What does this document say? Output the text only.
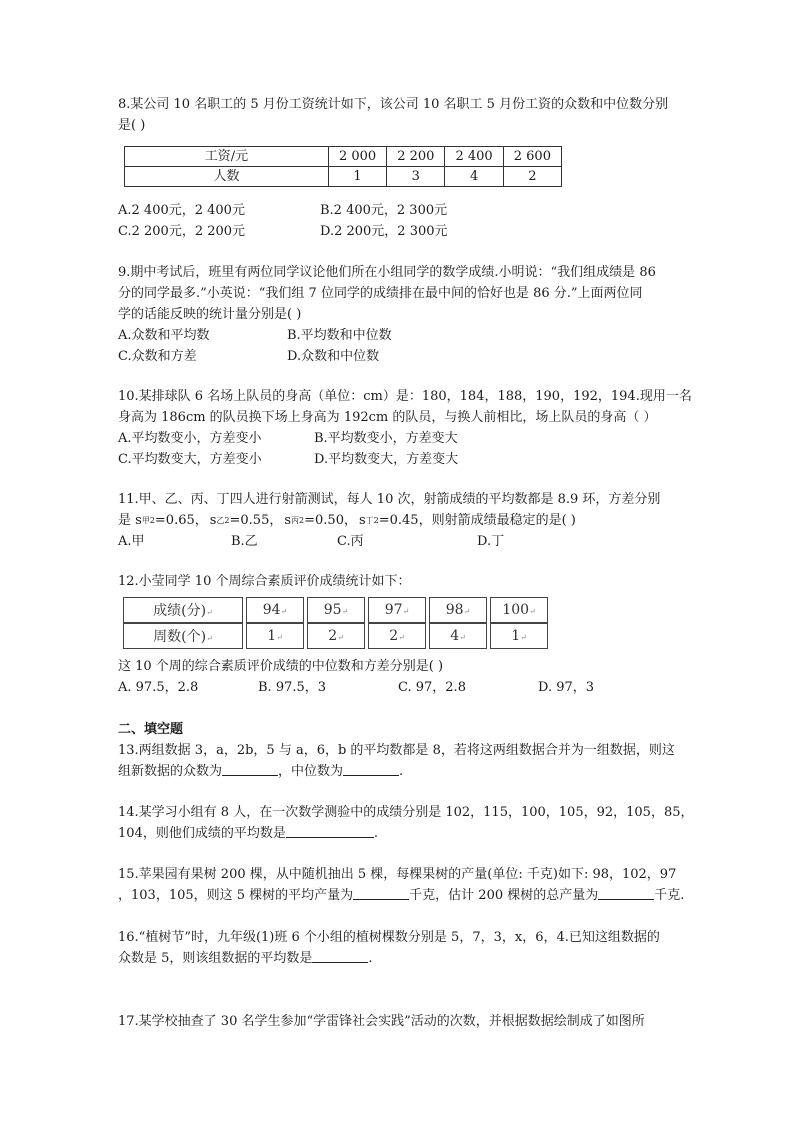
8.某公司 10 名职工的 5 月份工资统计如下，该公司 10 名职工 5 月份工资的众数和中位数分别
是( )
工资/元	2 000	2 200	2 400	2 600
人数	1	3	4	2
A.2 400元，2 400元	B.2 400元，2 300元
C.2 200元，2 200元	D.2 200元，2 300元
9.期中考试后，班里有两位同学议论他们所在小组同学的数学成绩.小明说：“我们组成绩是 86
分的同学最多.”小英说：“我们组 7 位同学的成绩排在最中间的恰好也是 86 分.”上面两位同
学的话能反映的统计量分别是( )
A.众数和平均数	B.平均数和中位数
C.众数和方差	D.众数和中位数
10.某排球队 6 名场上队员的身高（单位：cm）是：180，184，188，190，192，194.现用一名
身高为 186cm 的队员换下场上身高为 192cm 的队员，与换人前相比，场上队员的身高（ ）
A.平均数变小，方差变小	B.平均数变小，方差变大
C.平均数变大，方差变小	D.平均数变大，方差变大
11.甲、乙、丙、丁四人进行射箭测试，每人 10 次，射箭成绩的平均数都是 8.9 环，方差分别
是 s 甲 2 =0.65， s 乙 2 =0.55， s 丙 2 =0.50， s 丁 2 =0.45，则射箭成绩最稳定的是( )
A.甲	B.乙	C.丙	D.丁
12.小莹同学 10 个周综合素质评价成绩统计如下：
成绩(分)↵	94↵	95↵	97↵	98↵	100↵
周数(个)↵	1↵	2↵	2↵	4↵	1↵
这 10 个周的综合素质评价成绩的中位数和方差分别是( )
A. 97.5，2.8	B. 97.5，3	C. 97，2.8	D. 97，3
二、填空题
13.两组数据 3，a，2b，5 与 a，6，b 的平均数都是 8，若将这两组数据合并为一组数据，则这
组新数据的众数为	，中位数为	.
14.某学习小组有 8 人，在一次数学测验中的成绩分别是 102，115，100，105，92，105，85，
104，则他们成绩的平均数是	.
15.苹果园有果树 200 棵，从中随机抽出 5 棵，每棵果树的产量(单位: 千克)如下: 98，102，97
，103，105，则这 5 棵树的平均产量为	千克，估计 200 棵树的总产量为	千克.
16.“植树节”时，九年级(1)班 6 个小组的植树棵数分别是 5，7，3，x，6，4.已知这组数据的
众数是 5，则该组数据的平均数是	.
17.某学校抽查了 30 名学生参加“学雷锋社会实践”活动的次数，并根据数据绘制成了如图所
